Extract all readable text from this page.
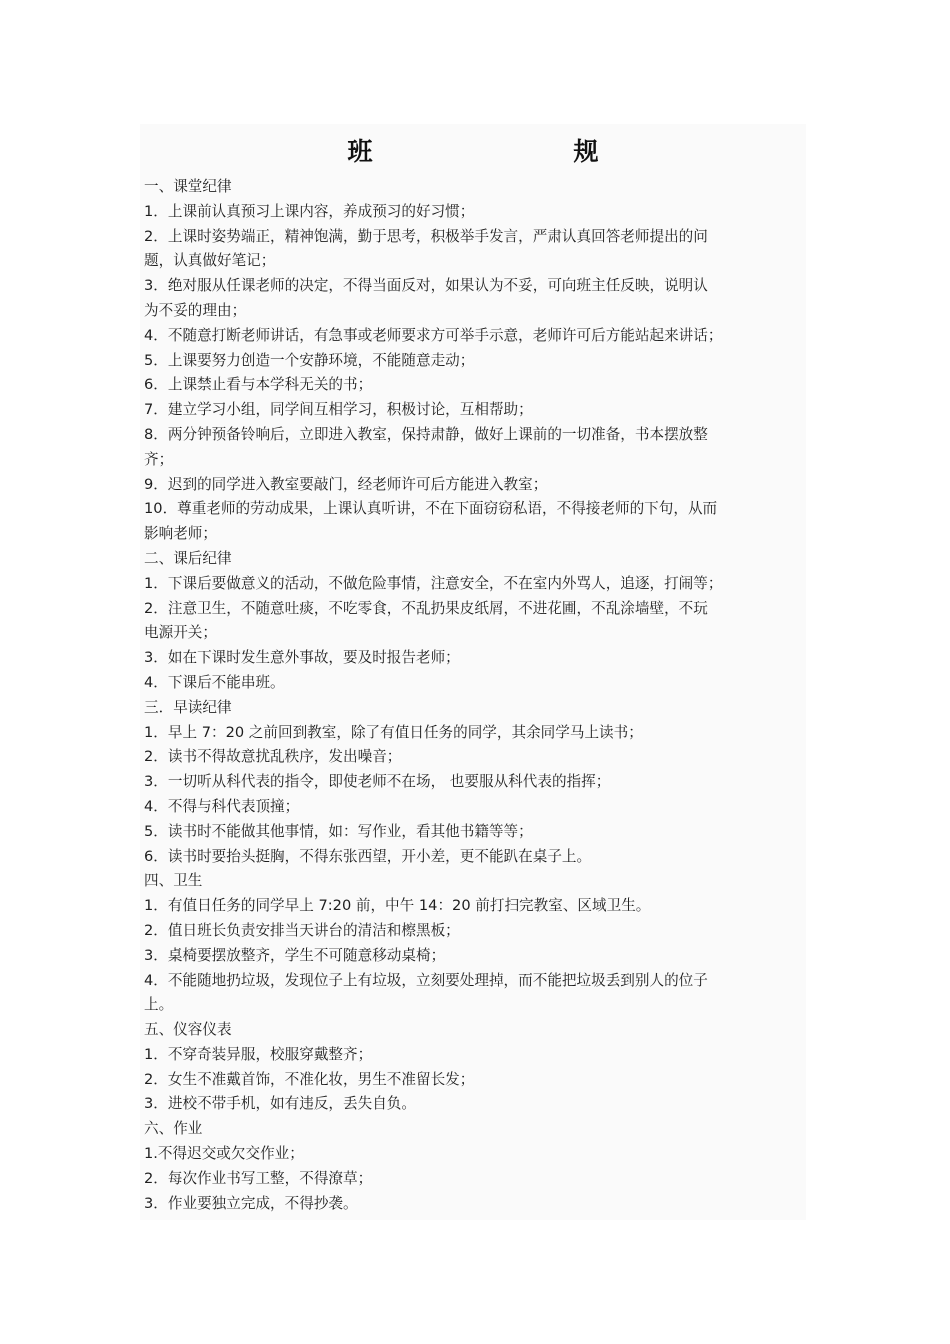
班　规
一、课堂纪律
1．上课前认真预习上课内容，养成预习的好习惯；
2．上课时姿势端正，精神饱满，勤于思考，积极举手发言，严肃认真回答老师提出的问
题，认真做好笔记；
3．绝对服从任课老师的决定，不得当面反对，如果认为不妥，可向班主任反映，说明认
为不妥的理由；
4．不随意打断老师讲话，有急事或老师要求方可举手示意，老师许可后方能站起来讲话；
5．上课要努力创造一个安静环境，不能随意走动；
6．上课禁止看与本学科无关的书；
7．建立学习小组，同学间互相学习，积极讨论，互相帮助；
8．两分钟预备铃响后，立即进入教室，保持肃静，做好上课前的一切准备，书本摆放整
齐；
9．迟到的同学进入教室要敲门，经老师许可后方能进入教室；
10．尊重老师的劳动成果，上课认真听讲，不在下面窃窃私语，不得接老师的下句，从而
影响老师；
二、课后纪律
1．下课后要做意义的活动，不做危险事情，注意安全，不在室内外骂人，追逐，打闹等；
2．注意卫生，不随意吐痰，不吃零食，不乱扔果皮纸屑，不进花圃，不乱涂墙壁，不玩
电源开关；
3．如在下课时发生意外事故，要及时报告老师；
4．下课后不能串班。
三．早读纪律
1．早上 7：20 之前回到教室，除了有值日任务的同学，其余同学马上读书；
2．读书不得故意扰乱秩序，发出噪音；
3．一切听从科代表的指令，即使老师不在场， 也要服从科代表的指挥；
4．不得与科代表顶撞；
5．读书时不能做其他事情，如：写作业，看其他书籍等等；
6．读书时要抬头挺胸，不得东张西望，开小差，更不能趴在桌子上。
四、卫生
1．有值日任务的同学早上 7:20 前，中午 14：20 前打扫完教室、区域卫生。
2．值日班长负责安排当天讲台的清洁和檫黑板；
3．桌椅要摆放整齐，学生不可随意移动桌椅；
4．不能随地扔垃圾，发现位子上有垃圾，立刻要处理掉，而不能把垃圾丢到别人的位子
上。
五、仪容仪表
1．不穿奇装异服，校服穿戴整齐；
2．女生不准戴首饰，不准化妆，男生不准留长发；
3．进校不带手机，如有违反，丢失自负。
六、作业
1.不得迟交或欠交作业；
2．每次作业书写工整，不得潦草；
3．作业要独立完成，不得抄袭。
